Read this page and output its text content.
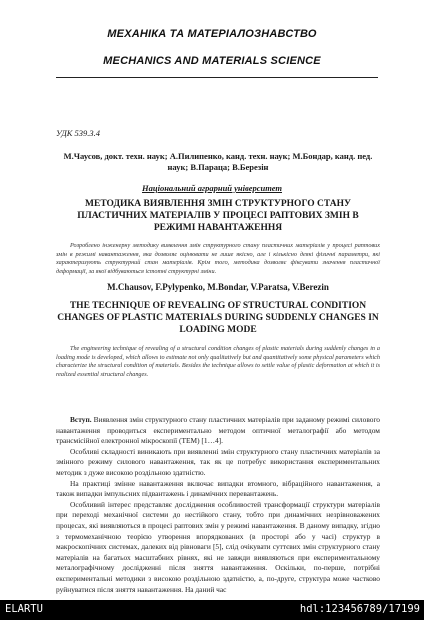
МЕХАНІКА ТА МАТЕРІАЛОЗНАВСТВО
MECHANICS AND MATERIALS SCIENCE
УДК 539.3.4
М.Чаусов, докт. техн. наук; А.Пилипенко, канд. техн. наук; М.Бондар, канд. пед. наук; В.Параца; В.Березін
Національний аграрний університет
МЕТОДИКА ВИЯВЛЕННЯ ЗМІН СТРУКТУРНОГО СТАНУ ПЛАСТИЧНИХ МАТЕРІАЛІВ У ПРОЦЕСІ РАПТОВИХ ЗМІН В РЕЖИМІ НАВАНТАЖЕННЯ
Розроблено інженерну методику виявлення змін структурного стану пластичних матеріалів у процесі раптових змін в режимі навантаження, яка дозволяє оцінювати не лише якісно, але і кількісно деякі фізичні параметри, які характеризують структурний стан матеріалів. Крім того, методика дозволяє фіксувати значення пластичної деформації, за якої відбуваються істотні структурні зміни.
M.Chausov, F.Pylypenko, M.Bondar, V.Paratsa, V.Berezin
THE TECHNIQUE OF REVEALING OF STRUCTURAL CONDITION CHANGES OF PLASTIC MATERIALS DURING SUDDENLY CHANGES IN LOADING MODE
The engineering technique of revealing of a structural condition changes of plastic materials during suddenly changes in a loading mode is developed, which allows to estimate not only qualitatively but and quantitatively some physical parameters which characterize the structural condition of materials. Besides the technique allows to settle value of plastic deformation at which it is realized essential structural changes.

Вступ. Виявлення змін структурного стану пластичних матеріалів при заданому режимі силового навантаження проводиться експериментально методом оптичної металографії або методом трансмісійної електронної мікроскопії (ТЕМ) [1…4].

Особливі складності виникають при виявленні змін структурного стану пластичних матеріалів за змінного режиму силового навантаження, так як це потребує використання експериментальних методик з дуже високою роздільною здатністю.

На практиці зміннe навантаження включає випадки втомного, вібраційного навантаження, а також випадки імпульсних підвантажень і динамічних перевантажень.

Особливий інтерес представляє дослідження особливостей трансформації структури матеріалів при переході механічної системи до нестійкого стану, тобто при динамічних незрівноважених процесах, які виявляються в процесі раптових змін у режимі навантаження. В даному випадку, згідно з термомеханічною теорією утворення впорядкованих (в просторі або у часі) структур в макроскопічних системах, далеких від рівноваги [5], слід очікувати суттєвих змін структурного стану матеріалів на багатьох масштабних рівнях, які не завжди виявляються при експериментальному металографічному дослідженні після зняття навантаження. Оскільки, по-перше, потрібні експериментальні методики з високою роздільною здатністю, а, по-друге, структура може частково руйнуватися після зняття навантаження. На даний час

ELARTU	hdl:123456789/17199
